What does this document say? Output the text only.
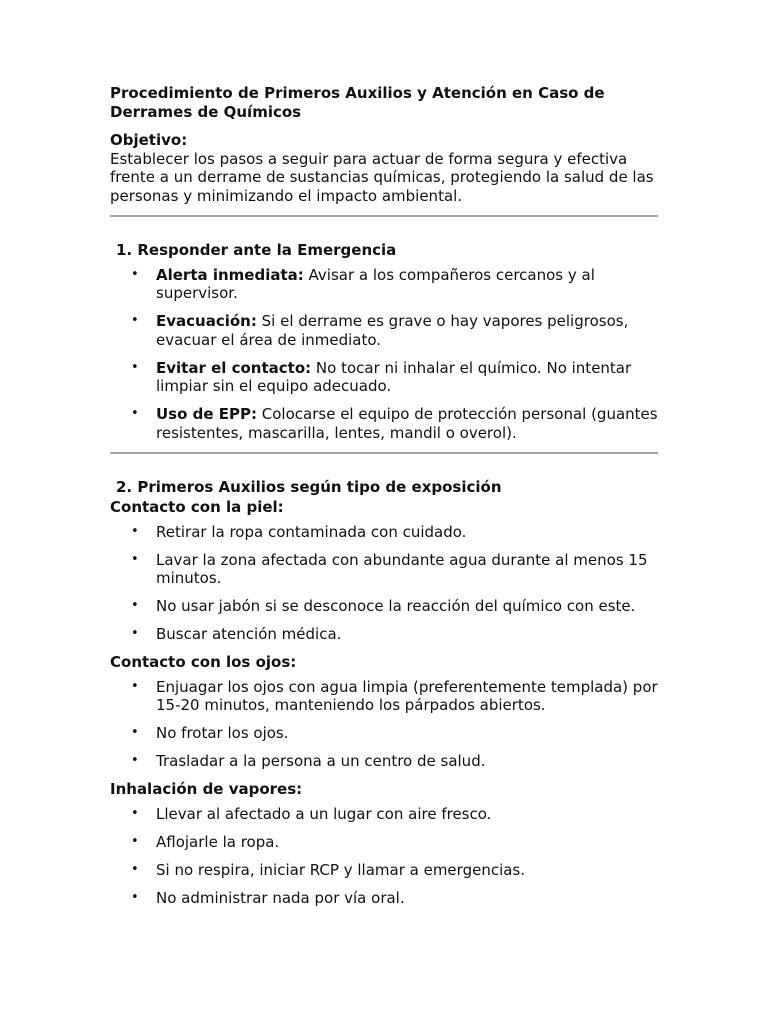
Procedimiento de Primeros Auxilios y Atención en Caso de Derrames de Químicos

Objetivo:

Establecer los pasos a seguir para actuar de forma segura y efectiva frente a un derrame de sustancias químicas, protegiendo la salud de las personas y minimizando el impacto ambiental.

1. Responder ante la Emergencia

• Alerta inmediata: Avisar a los compañeros cercanos y al supervisor.
• Evacuación: Si el derrame es grave o hay vapores peligrosos, evacuar el área de inmediato.
• Evitar el contacto: No tocar ni inhalar el químico. No intentar limpiar sin el equipo adecuado.
• Uso de EPP: Colocarse el equipo de protección personal (guantes resistentes, mascarilla, lentes, mandil o overol).

2. Primeros Auxilios según tipo de exposición

Contacto con la piel:

• Retirar la ropa contaminada con cuidado.
• Lavar la zona afectada con abundante agua durante al menos 15 minutos.
• No usar jabón si se desconoce la reacción del químico con este.
• Buscar atención médica.

Contacto con los ojos:

• Enjuagar los ojos con agua limpia (preferentemente templada) por 15-20 minutos, manteniendo los párpados abiertos.
• No frotar los ojos.
• Trasladar a la persona a un centro de salud.

Inhalación de vapores:

• Llevar al afectado a un lugar con aire fresco.
• Aflojarle la ropa.
• Si no respira, iniciar RCP y llamar a emergencias.
• No administrar nada por vía oral.
